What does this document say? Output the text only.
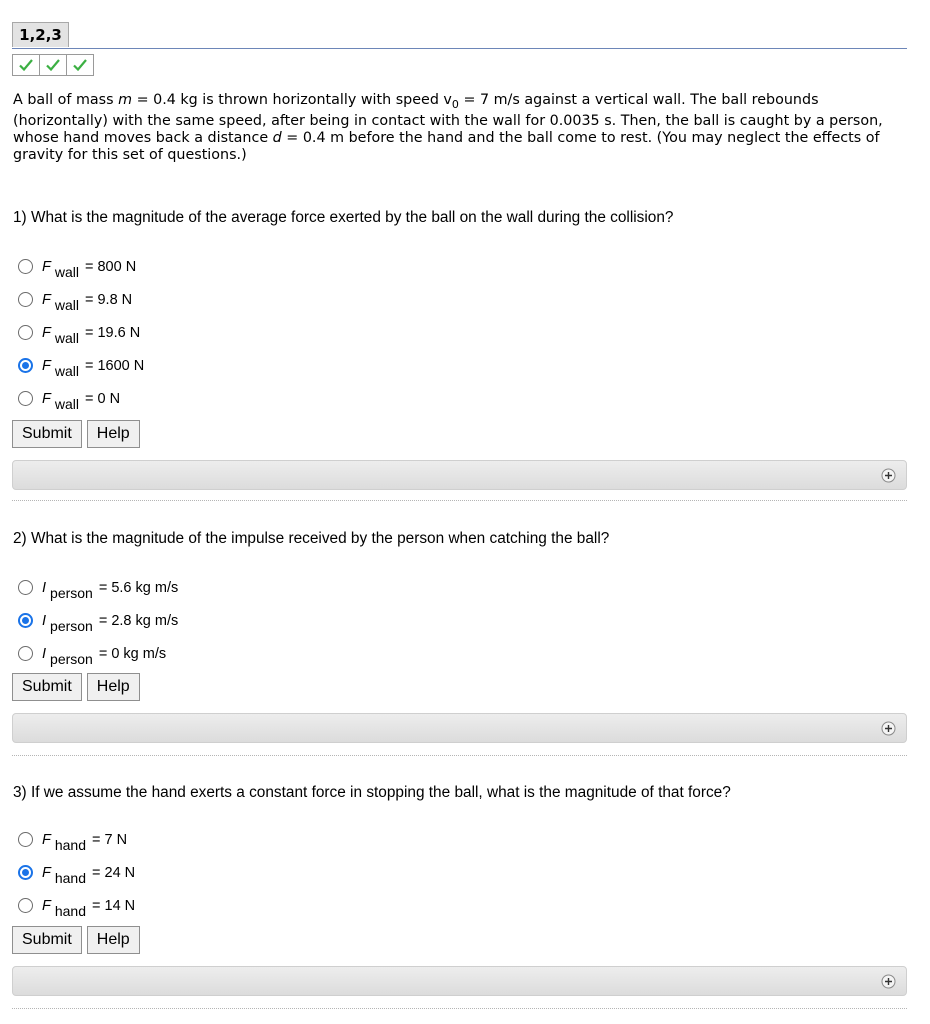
1,2,3
A ball of mass m = 0.4 kg is thrown horizontally with speed $v_0 = 7$ m/s against a vertical wall. The ball rebounds (horizontally) with the same speed, after being in contact with the wall for 0.0035 s. Then, the ball is caught by a person, whose hand moves back a distance d = 0.4 m before the hand and the ball come to rest. (You may neglect the effects of gravity for this set of questions.)
1) What is the magnitude of the average force exerted by the ball on the wall during the collision?
F wall = 800 N
F wall = 9.8 N
F wall = 19.6 N
F wall = 1600 N
F wall = 0 N
Submit	Help
2) What is the magnitude of the impulse received by the person when catching the ball?
I person = 5.6 kg m/s
I person = 2.8 kg m/s
I person = 0 kg m/s
Submit	Help
3) If we assume the hand exerts a constant force in stopping the ball, what is the magnitude of that force?
F hand = 7 N
F hand = 24 N
F hand = 14 N
Submit	Help
